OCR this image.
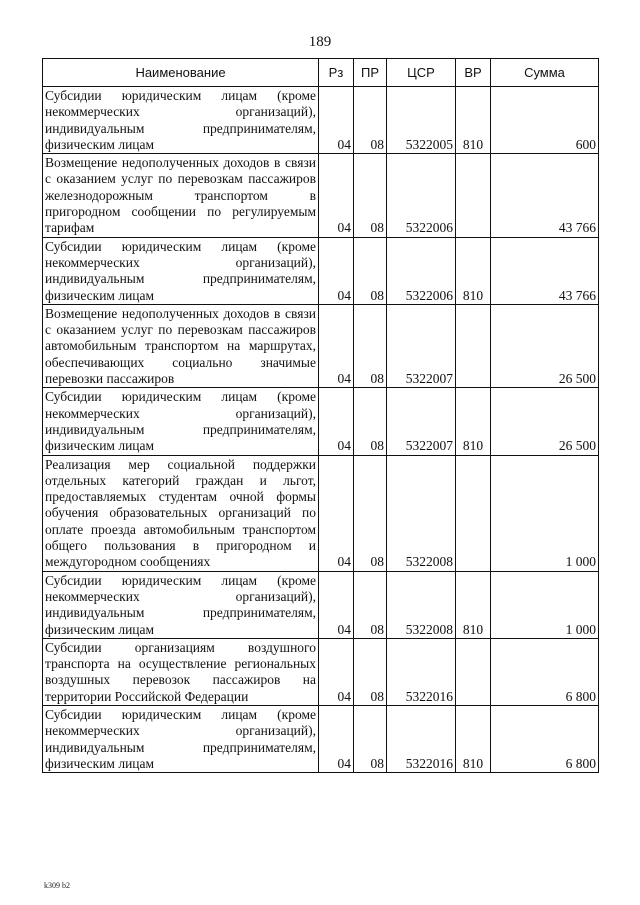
189
Наименование	Рз	ПР	ЦСР	ВР	Сумма
Субсидии юридическим лицам (кроме некоммерческих организаций), индивидуальным предпринимателям, физическим лицам	04	08	5322005	810	600
Возмещение недополученных доходов в связи с оказанием услуг по перевозкам пассажиров железнодорожным транспортом в пригородном сообщении по регулируемым тарифам	04	08	5322006		43 766
Субсидии юридическим лицам (кроме некоммерческих организаций), индивидуальным предпринимателям, физическим лицам	04	08	5322006	810	43 766
Возмещение недополученных доходов в связи с оказанием услуг по перевозкам пассажиров автомобильным транспортом на маршрутах, обеспечивающих социально значимые перевозки пассажиров	04	08	5322007		26 500
Субсидии юридическим лицам (кроме некоммерческих организаций), индивидуальным предпринимателям, физическим лицам	04	08	5322007	810	26 500
Реализация мер социальной поддержки отдельных категорий граждан и льгот, предоставляемых студентам очной формы обучения образовательных организаций по оплате проезда автомобильным транспортом общего пользования в пригородном и междугородном сообщениях	04	08	5322008		1 000
Субсидии юридическим лицам (кроме некоммерческих организаций), индивидуальным предпринимателям, физическим лицам	04	08	5322008	810	1 000
Субсидии организациям воздушного транспорта на осуществление региональных воздушных перевозок пассажиров на территории Российской Федерации	04	08	5322016		6 800
Субсидии юридическим лицам (кроме некоммерческих организаций), индивидуальным предпринимателям, физическим лицам	04	08	5322016	810	6 800
k309 b2
